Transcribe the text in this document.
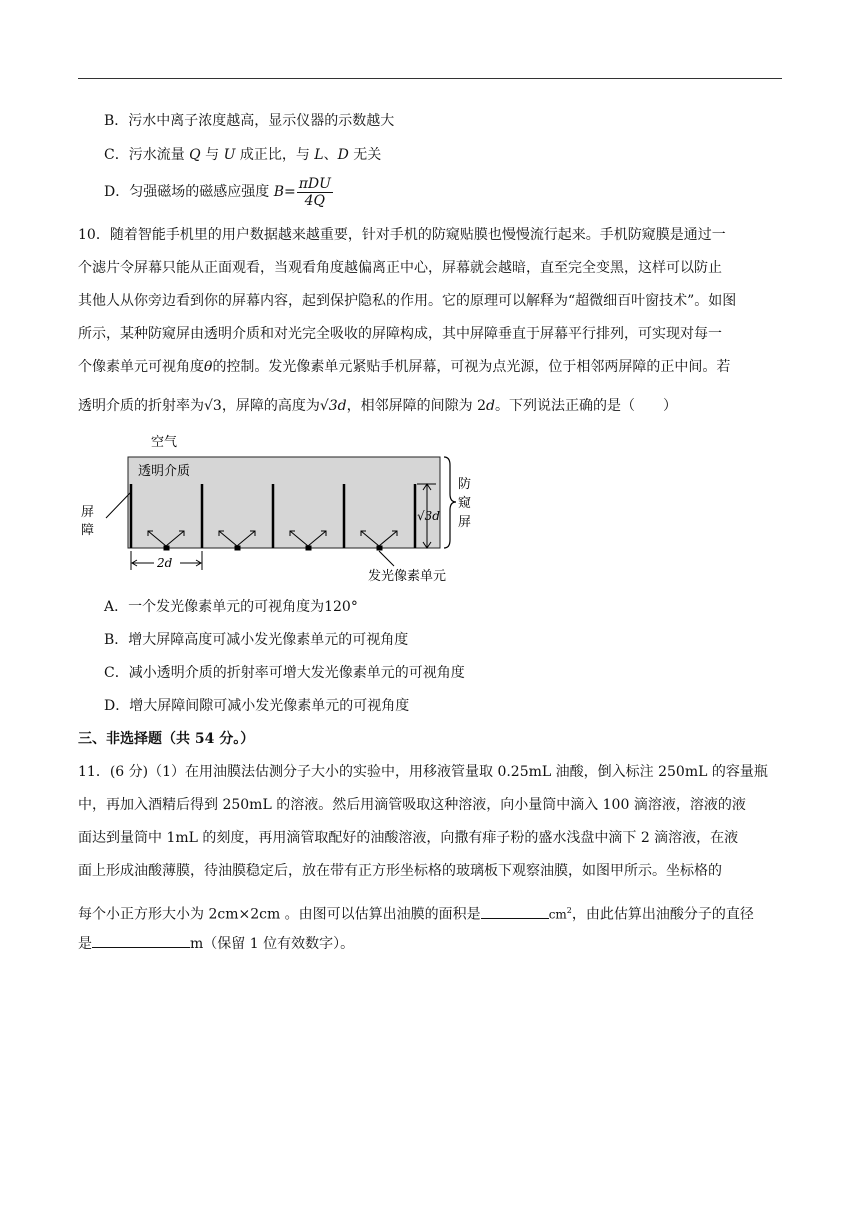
B．污水中离子浓度越高，显示仪器的示数越大
C．污水流量 Q 与 U 成正比，与 L、D 无关
D．匀强磁场的磁感应强度 $B= \frac{\text{πDU}}{4Q}$
10．随着智能手机里的用户数据越来越重要，针对手机的防窥贴膜也慢慢流行起来。手机防窥膜是通过一
个滤片令屏幕只能从正面观看，当观看角度越偏离正中心，屏幕就会越暗，直至完全变黑，这样可以防止
其他人从你旁边看到你的屏幕内容，起到保护隐私的作用。它的原理可以解释为“超微细百叶窗技术”。如图
所示，某种防窥屏由透明介质和对光完全吸收的屏障构成，其中屏障垂直于屏幕平行排列，可实现对每一
个像素单元可视角度θ的控制。发光像素单元紧贴手机屏幕，可视为点光源，位于相邻两屏障的正中间。若
透明介质的折射率为√3，屏障的高度为√3d，相邻屏障的间隙为 2d。下列说法正确的是（　　）
空气
透明介质
屏
障
√3d
防
窥
屏
2d
发光像素单元
A．一个发光像素单元的可视角度为120°
B．增大屏障高度可减小发光像素单元的可视角度
C．减小透明介质的折射率可增大发光像素单元的可视角度
D．增大屏障间隙可减小发光像素单元的可视角度
三、非选择题（共 54 分。）
11．(6 分)（1）在用油膜法估测分子大小的实验中，用移液管量取 0.25mL 油酸，倒入标注 250mL 的容量瓶
中，再加入酒精后得到 250mL 的溶液。然后用滴管吸取这种溶液，向小量筒中滴入 100 滴溶液，溶液的液
面达到量筒中 1mL 的刻度，再用滴管取配好的油酸溶液，向撒有痱子粉的盛水浅盘中滴下 2 滴溶液，在液
面上形成油酸薄膜，待油膜稳定后，放在带有正方形坐标格的玻璃板下观察油膜，如图甲所示。坐标格的
每个小正方形大小为 2cm×2cm 。由图可以估算出油膜的面积是	$cm^2$，由此估算出油酸分子的直径
是	m（保留 1 位有效数字）。
